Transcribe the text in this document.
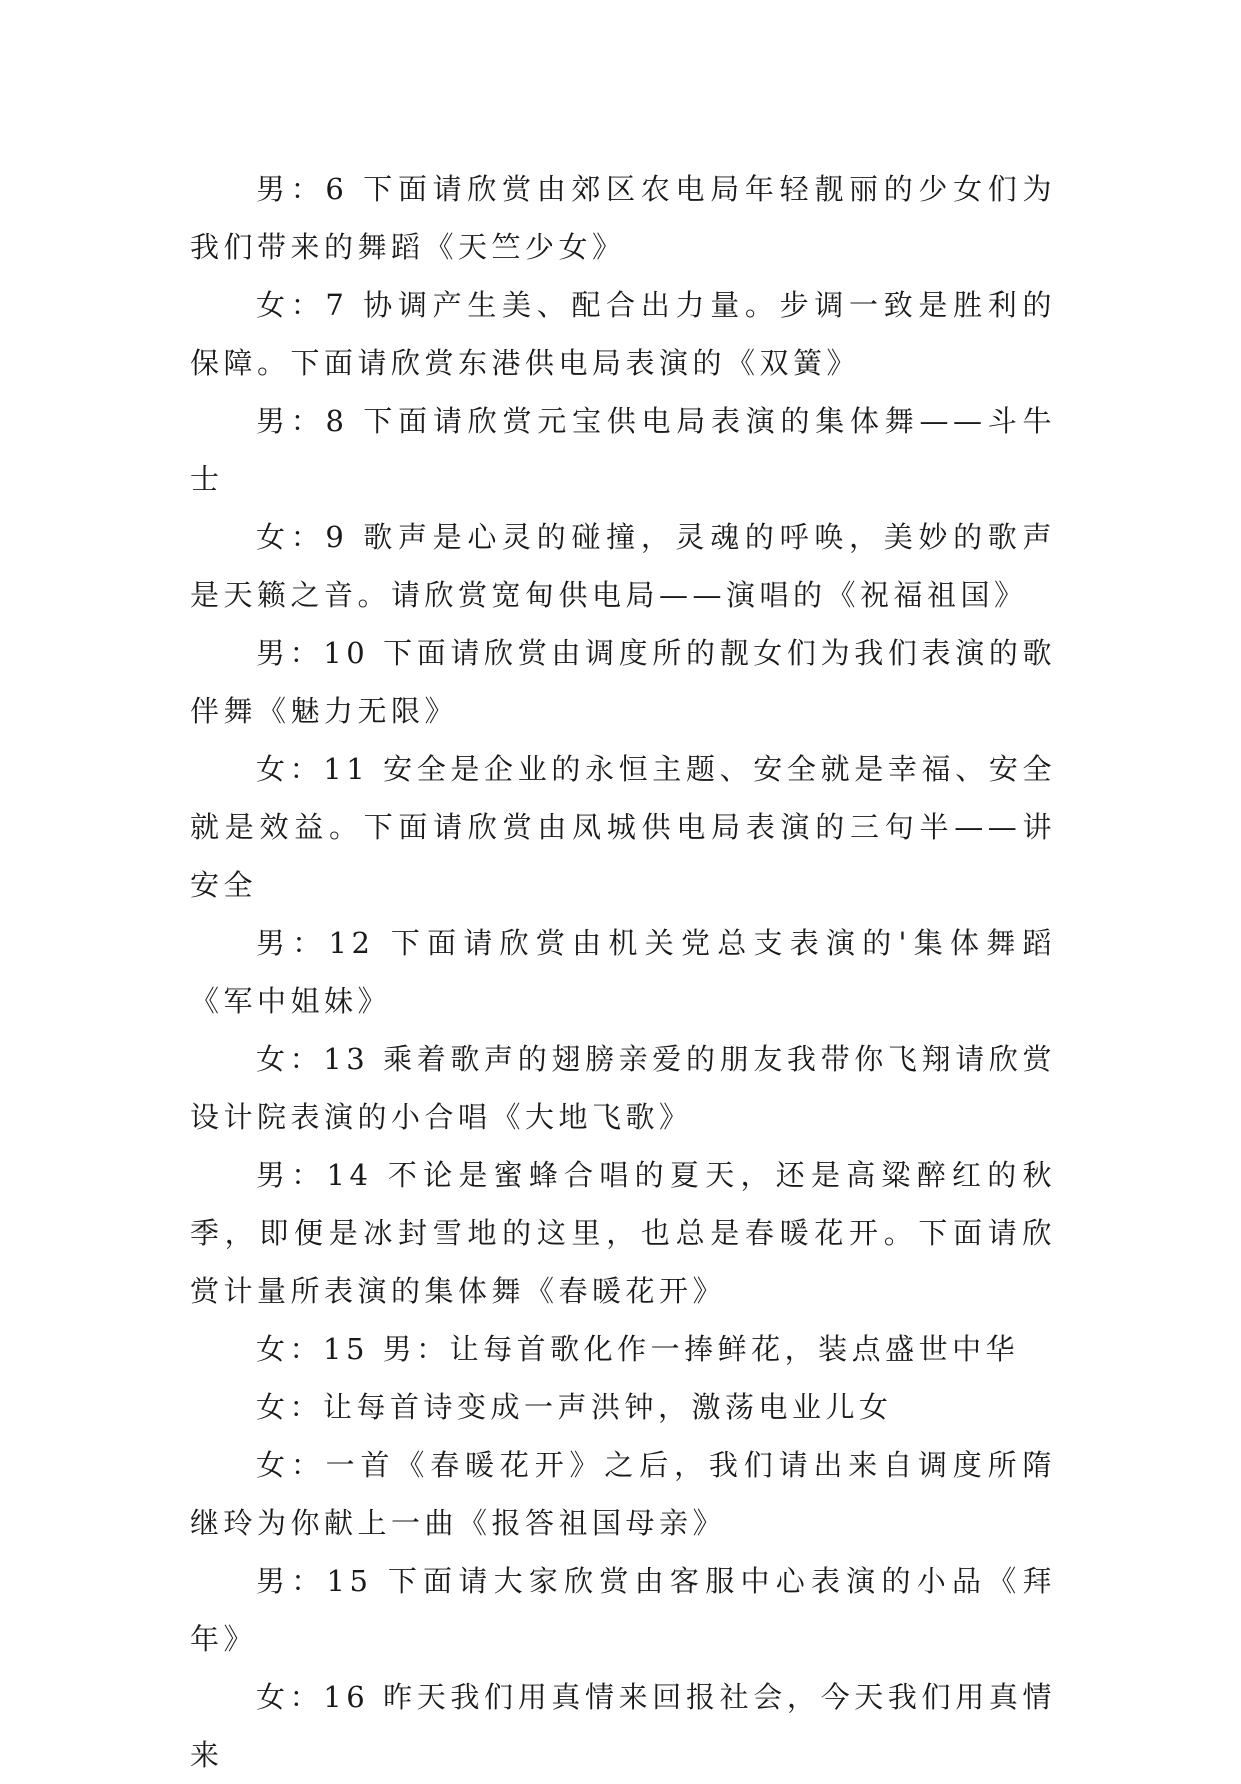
男：6 下面请欣赏由郊区农电局年轻靓丽的少女们为我们带来的舞蹈《天竺少女》

女：7 协调产生美、配合出力量。步调一致是胜利的保障。下面请欣赏东港供电局表演的《双簧》

男：8 下面请欣赏元宝供电局表演的集体舞——斗牛士

女：9 歌声是心灵的碰撞，灵魂的呼唤，美妙的歌声是天籁之音。请欣赏宽甸供电局——演唱的《祝福祖国》

男：10 下面请欣赏由调度所的靓女们为我们表演的歌伴舞《魅力无限》

女：11 安全是企业的永恒主题、安全就是幸福、安全就是效益。下面请欣赏由凤城供电局表演的三句半——讲安全

男：12 下面请欣赏由机关党总支表演的'集体舞蹈《军中姐妹》

女：13 乘着歌声的翅膀亲爱的朋友我带你飞翔请欣赏设计院表演的小合唱《大地飞歌》

男：14 不论是蜜蜂合唱的夏天，还是高粱醉红的秋季，即便是冰封雪地的这里，也总是春暖花开。下面请欣赏计量所表演的集体舞《春暖花开》

女：15 男：让每首歌化作一捧鲜花，装点盛世中华

女：让每首诗变成一声洪钟，激荡电业儿女

女：一首《春暖花开》之后，我们请出来自调度所隋继玲为你献上一曲《报答祖国母亲》

男：15 下面请大家欣赏由客服中心表演的小品《拜年》

女：16 昨天我们用真情来回报社会，今天我们用真情来
